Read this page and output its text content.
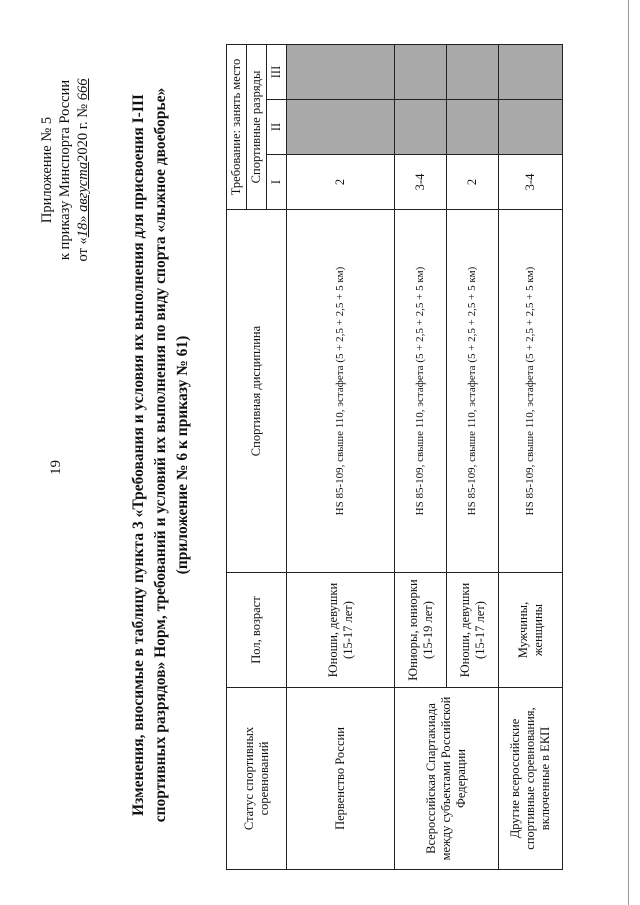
19
Приложение № 5 к приказу Минспорта России от «18» августа2020 г. № 666
Изменения, вносимые в таблицу пункта 3 «Требования и условия их выполнения для присвоения I-III спортивных разрядов» Норм, требований и условий их выполнения по виду спорта «лыжное двоеборье» (приложение № 6 к приказу № 61)
Статус спортивных соревнований	Пол, возраст	Спортивная дисциплина	Требование: занять место		
			Спортивные разряды		
			I	II	III
Первенство России	Юноши, девушки (15-17 лет)	HS 85-109, свыше 110, эстафета (5 + 2,5 + 2,5 + 5 км)	2		
Всероссийская Спартакиада между субъектами Российской Федерации	Юниоры, юниорки (15-19 лет)	HS 85-109, свыше 110, эстафета (5 + 2,5 + 2,5 + 5 км)	3-4		
	Юноши, девушки (15-17 лет)	HS 85-109, свыше 110, эстафета (5 + 2,5 + 2,5 + 5 км)	2		
Другие всероссийские спортивные соревнования, включенные в ЕКП	Мужчины, женщины	HS 85-109, свыше 110, эстафета (5 + 2,5 + 2,5 + 5 км)	3-4		
